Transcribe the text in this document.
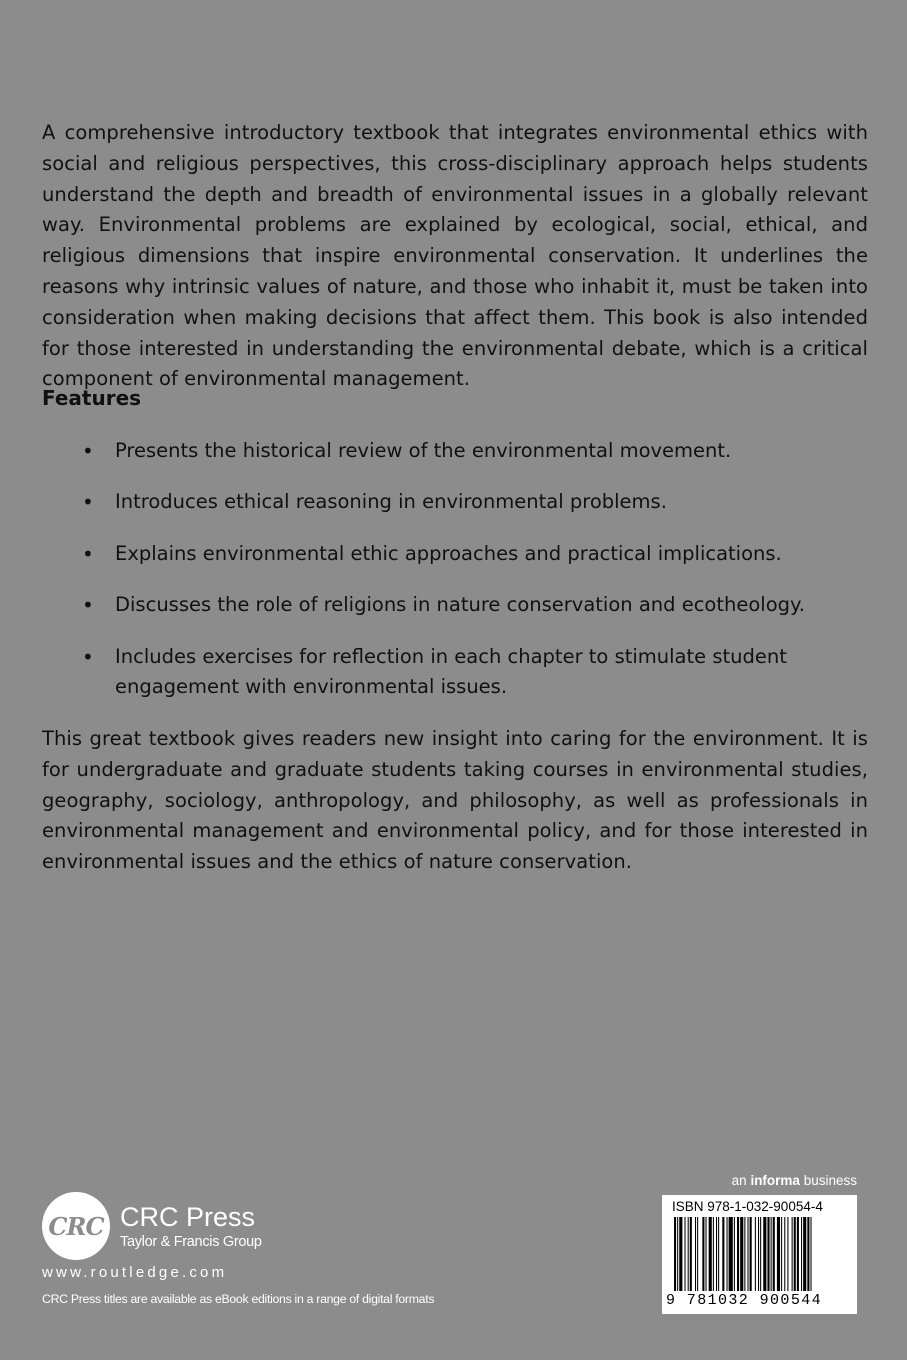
A comprehensive introductory textbook that integrates environmental ethics with social and religious perspectives, this cross-disciplinary approach helps students understand the depth and breadth of environmental issues in a globally relevant way. Environmental problems are explained by ecological, social, ethical, and religious dimensions that inspire environmental conservation. It underlines the reasons why intrinsic values of nature, and those who inhabit it, must be taken into consideration when making decisions that affect them. This book is also intended for those interested in understanding the environmental debate, which is a critical component of environmental management.

Features
• Presents the historical review of the environmental movement.
• Introduces ethical reasoning in environmental problems.
• Explains environmental ethic approaches and practical implications.
• Discusses the role of religions in nature conservation and ecotheology.
• Includes exercises for reflection in each chapter to stimulate student engagement with environmental issues.

This great textbook gives readers new insight into caring for the environment. It is for undergraduate and graduate students taking courses in environmental studies, geography, sociology, anthropology, and philosophy, as well as professionals in environmental management and environmental policy, and for those interested in environmental issues and the ethics of nature conservation.

CRC CRC Press
Taylor & Francis Group
www.routledge.com
CRC Press titles are available as eBook editions in a range of digital formats
an informa business
ISBN 978-1-032-90054-4
9 781032 900544
